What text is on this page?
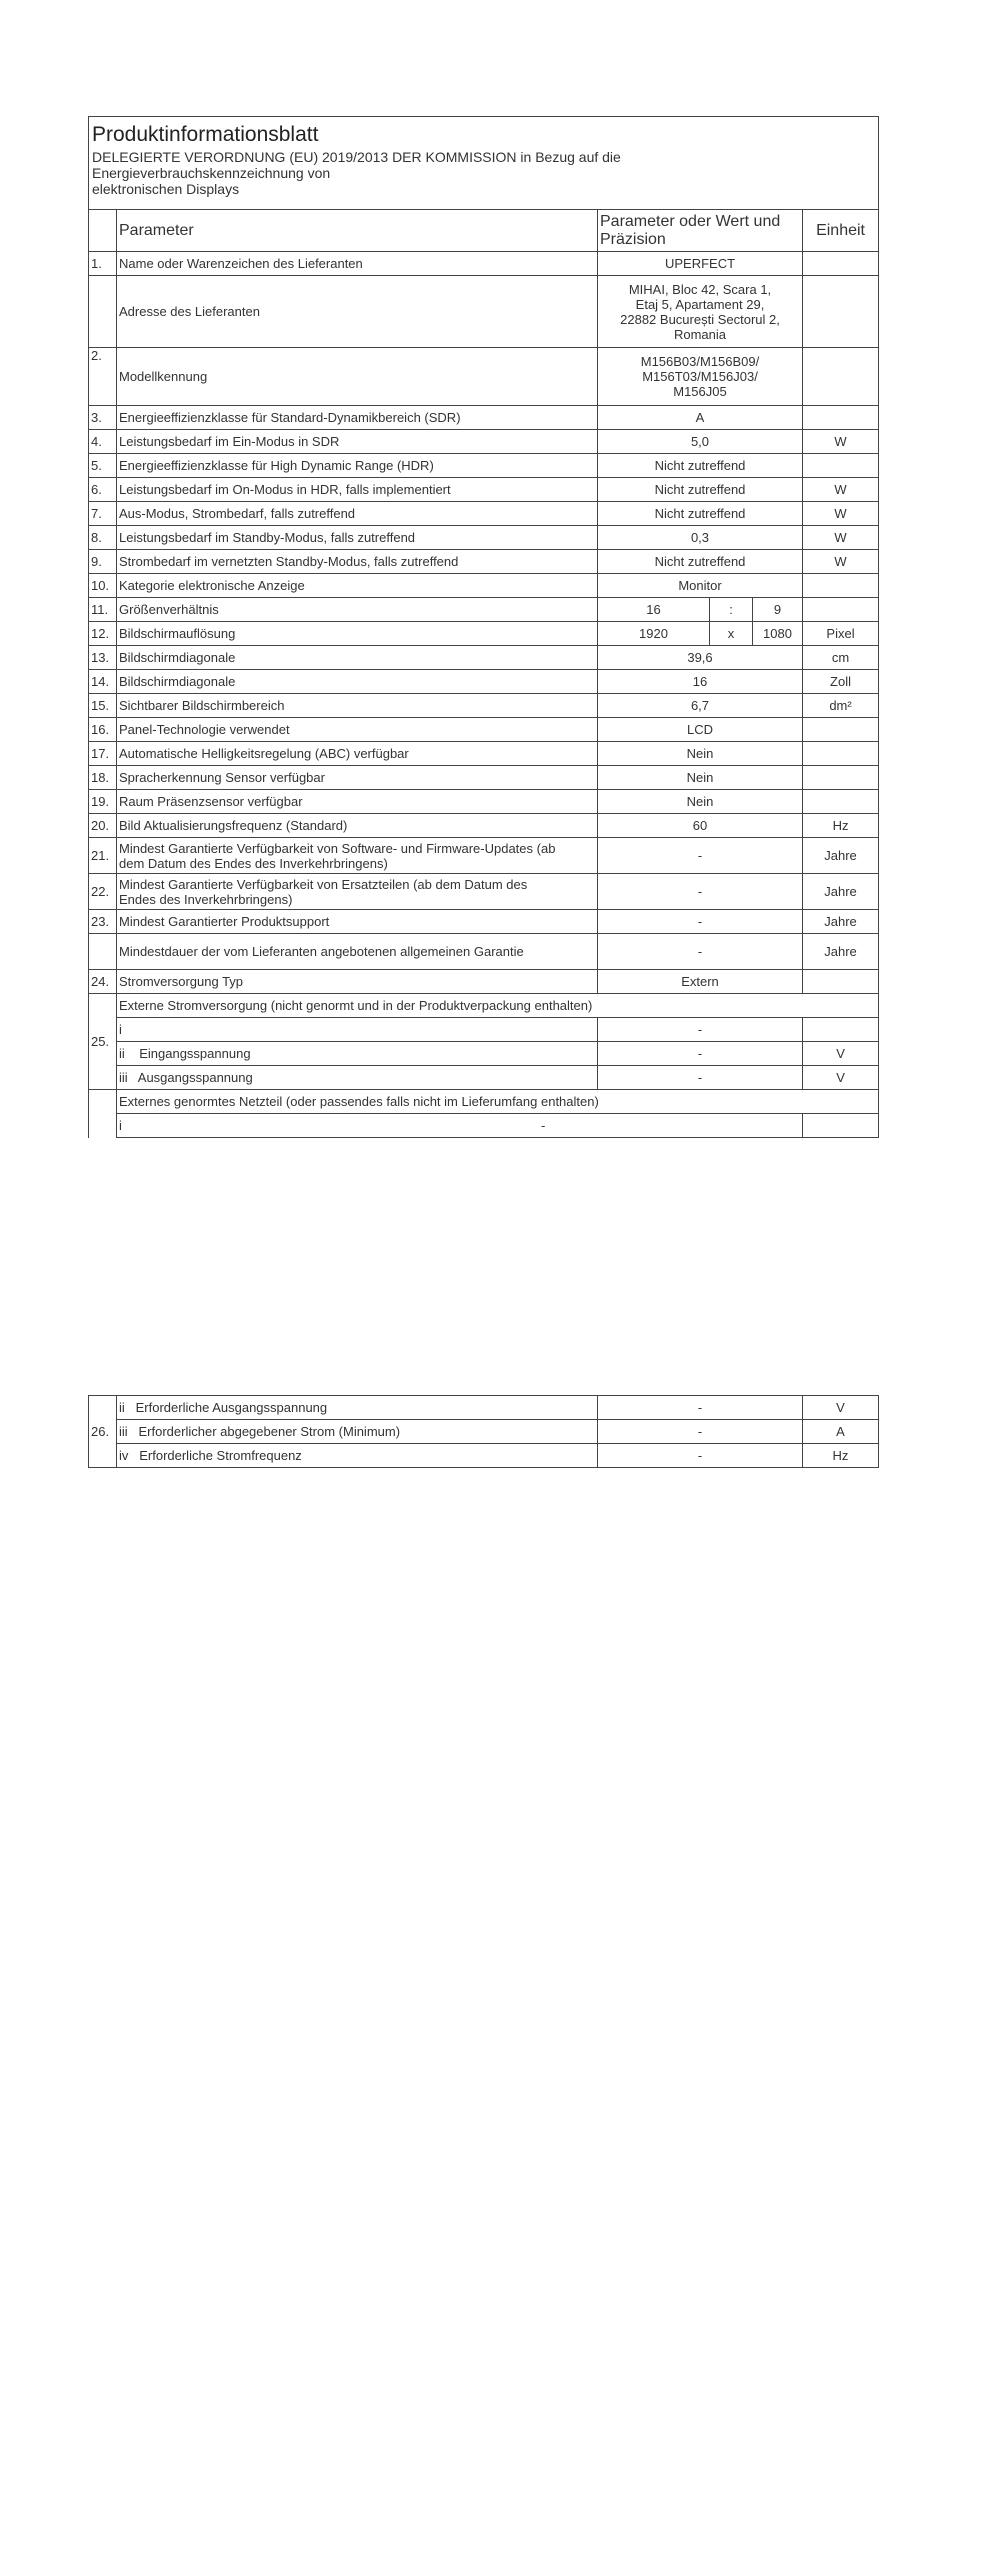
Produktinformationsblatt
DELEGIERTE VERORDNUNG (EU) 2019/2013 DER KOMMISSION in Bezug auf die
Energieverbrauchskennzeichnung von
elektronischen Displays					

	Parameter	Parameter oder Wert und
Präzision			Einheit
1.	Name oder Warenzeichen des Lieferanten	UPERFECT			
	Adresse des Lieferanten	MIHAI, Bloc 42, Scara 1,
Etaj 5, Apartament 29,
22882 București Sectorul 2,
Romania			

2.	Modellkennung	M156B03/M156B09/
M156T03/M156J03/
M156J05			

3.	Energieeffizienzklasse für Standard-Dynamikbereich (SDR)	A			
4.	Leistungsbedarf im Ein-Modus in SDR	5,0			W
5.	Energieeffizienzklasse für High Dynamic Range (HDR)	Nicht zutreffend			
6.	Leistungsbedarf im On-Modus in HDR, falls implementiert	Nicht zutreffend			W
7.	Aus-Modus, Strombedarf, falls zutreffend	Nicht zutreffend			W
8.	Leistungsbedarf im Standby-Modus, falls zutreffend	0,3			W
9.	Strombedarf im vernetzten Standby-Modus, falls zutreffend	Nicht zutreffend			W
10.	Kategorie elektronische Anzeige	Monitor			
11.	Größenverhältnis	16	:	9	
12.	Bildschirmauflösung	1920	x	1080	Pixel
13.	Bildschirmdiagonale	39,6			cm
14.	Bildschirmdiagonale	16			Zoll
15.	Sichtbarer Bildschirmbereich	6,7			dm²
16.	Panel-Technologie verwendet	LCD			
17.	Automatische Helligkeitsregelung (ABC) verfügbar	Nein			
18.	Spracherkennung Sensor verfügbar	Nein			
19.	Raum Präsenzsensor verfügbar	Nein			
20.	Bild Aktualisierungsfrequenz (Standard)	60			Hz
21.	Mindest Garantierte Verfügbarkeit von Software- und Firmware-Updates (ab
dem Datum des Endes des Inverkehrbringens)	-			Jahre
22.	Mindest Garantierte Verfügbarkeit von Ersatzteilen (ab dem Datum des
Endes des Inverkehrbringens)	-			Jahre
23.	Mindest Garantierter Produktsupport	-			Jahre
	Mindestdauer der vom Lieferanten angebotenen allgemeinen Garantie	-			Jahre
24.	Stromversorgung Typ	Extern			
25.	Externe Stromversorgung (nicht genormt und in der Produktverpackung enthalten)				
	i	-			
	ii    Eingangsspannung	-			V
	iii   Ausgangsspannung	-			V
	Externes genormtes Netzteil (oder passendes falls nicht im Lieferumfang enthalten)				
	i -				

26.	ii   Erforderliche Ausgangsspannung	-	V
	iii   Erforderlicher abgegebener Strom (Minimum)	-	A
	iv   Erforderliche Stromfrequenz	-	Hz
